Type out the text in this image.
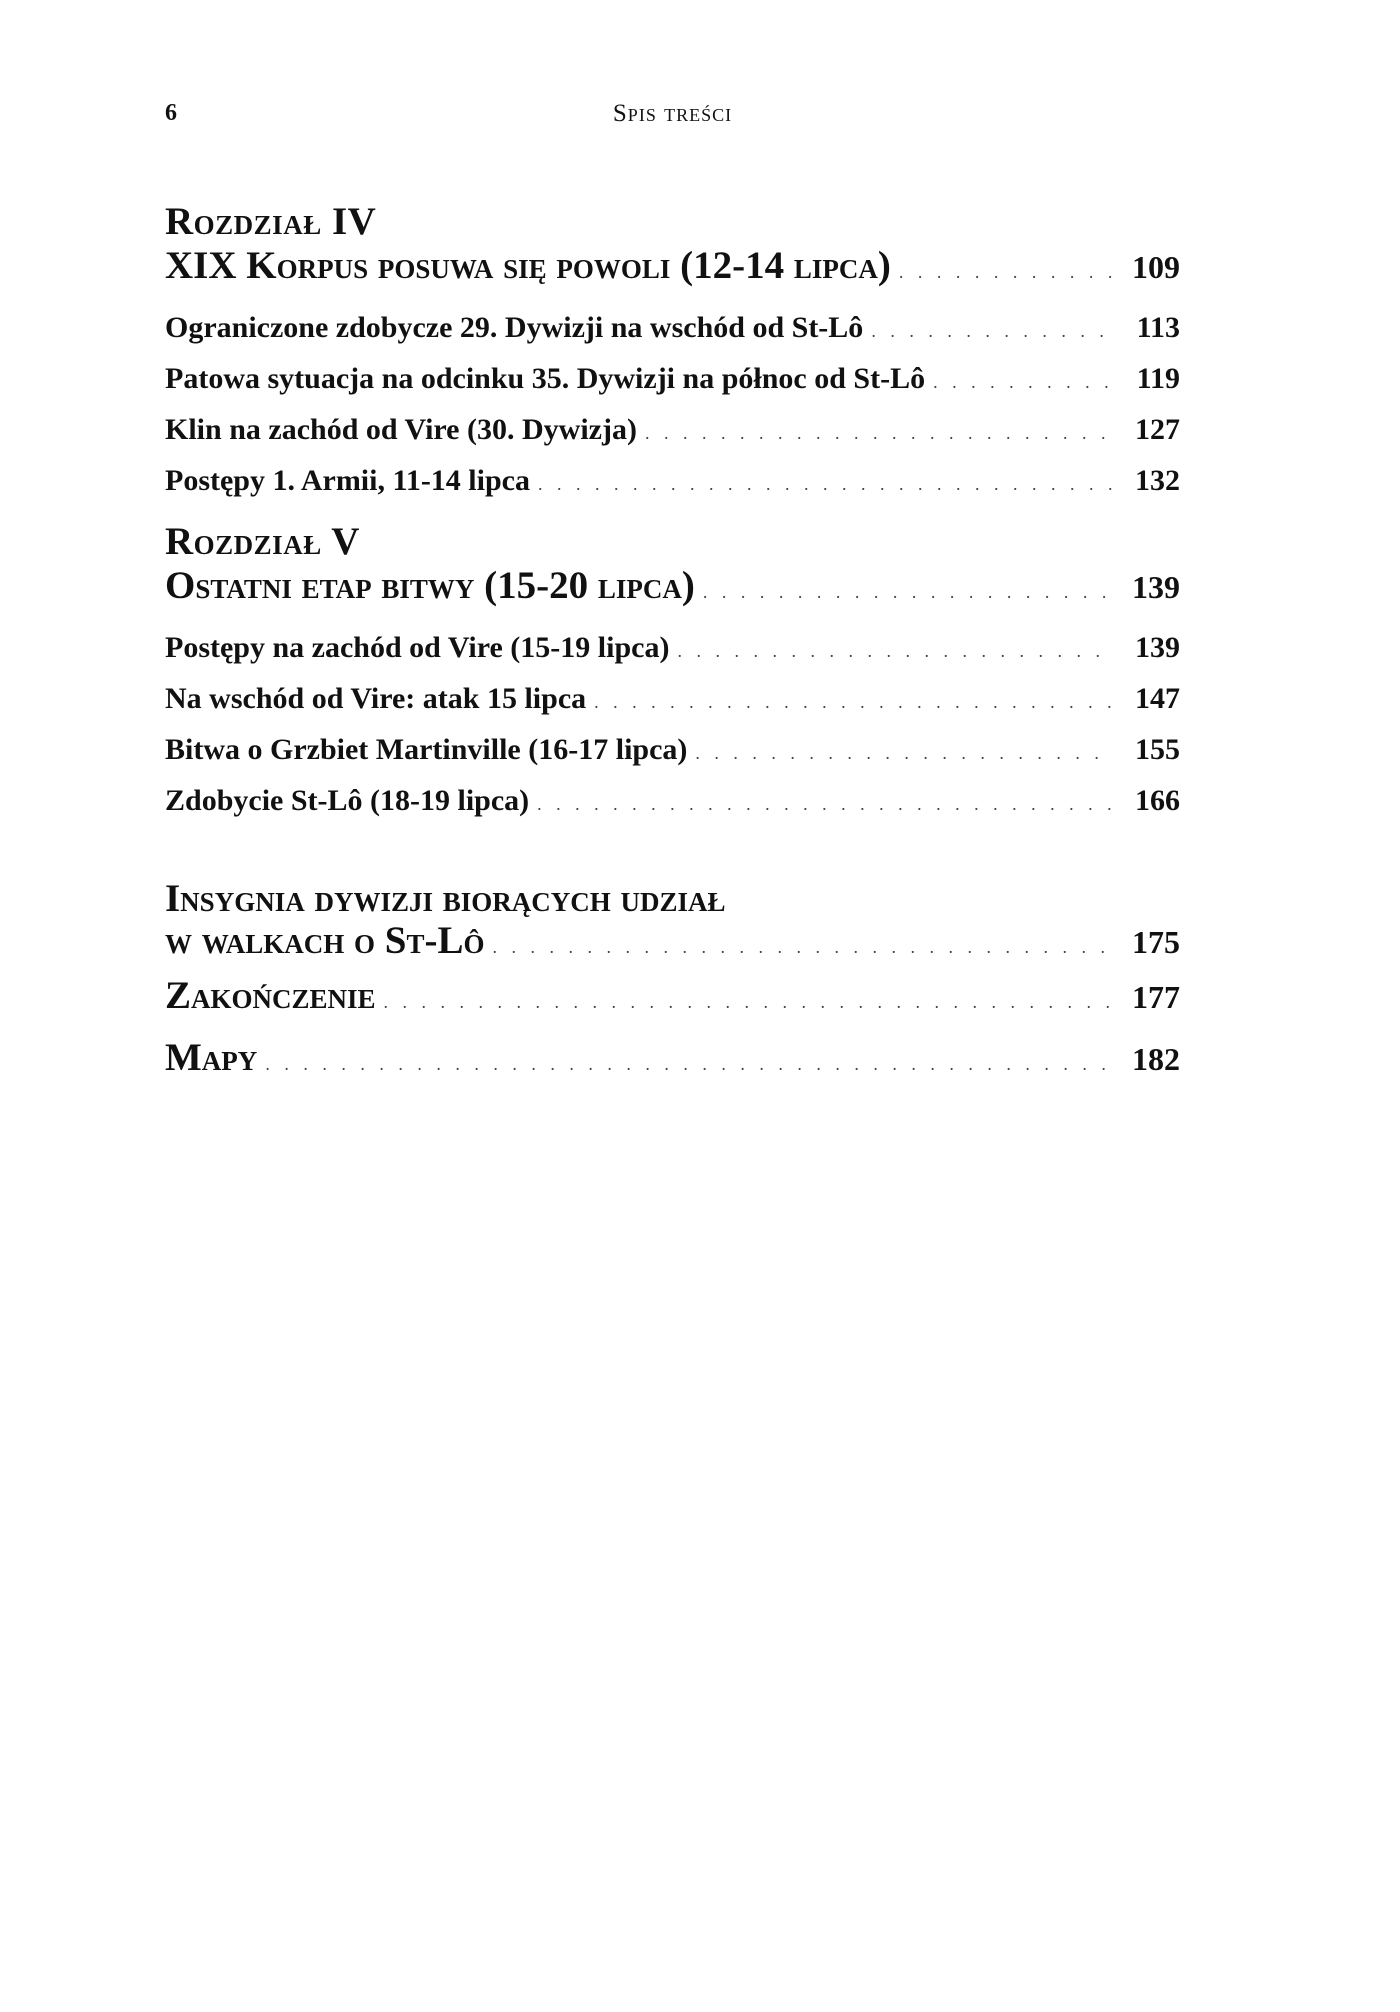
6	Spis treści
Rozdział IV
XIX Korpus posuwa się powoli (12-14 lipca) . . .	109
Ograniczone zdobycze 29. Dywizji na wschód od St-Lô . . .	113
Patowa sytuacja na odcinku 35. Dywizji na północ od St-Lô . . .	119
Klin na zachód od Vire (30. Dywizja) . . .	127
Postępy 1. Armii, 11-14 lipca . . .	132
Rozdział V
Ostatni etap bitwy (15-20 lipca) . . .	139
Postępy na zachód od Vire (15-19 lipca) . . .	139
Na wschód od Vire: atak 15 lipca . . .	147
Bitwa o Grzbiet Martinville (16-17 lipca) . . .	155
Zdobycie St-Lô (18-19 lipca) . . .	166
Insygnia dywizji biorących udział
w walkach o St-Lô . . .	175
Zakończenie . . .	177
Mapy . . .	182
